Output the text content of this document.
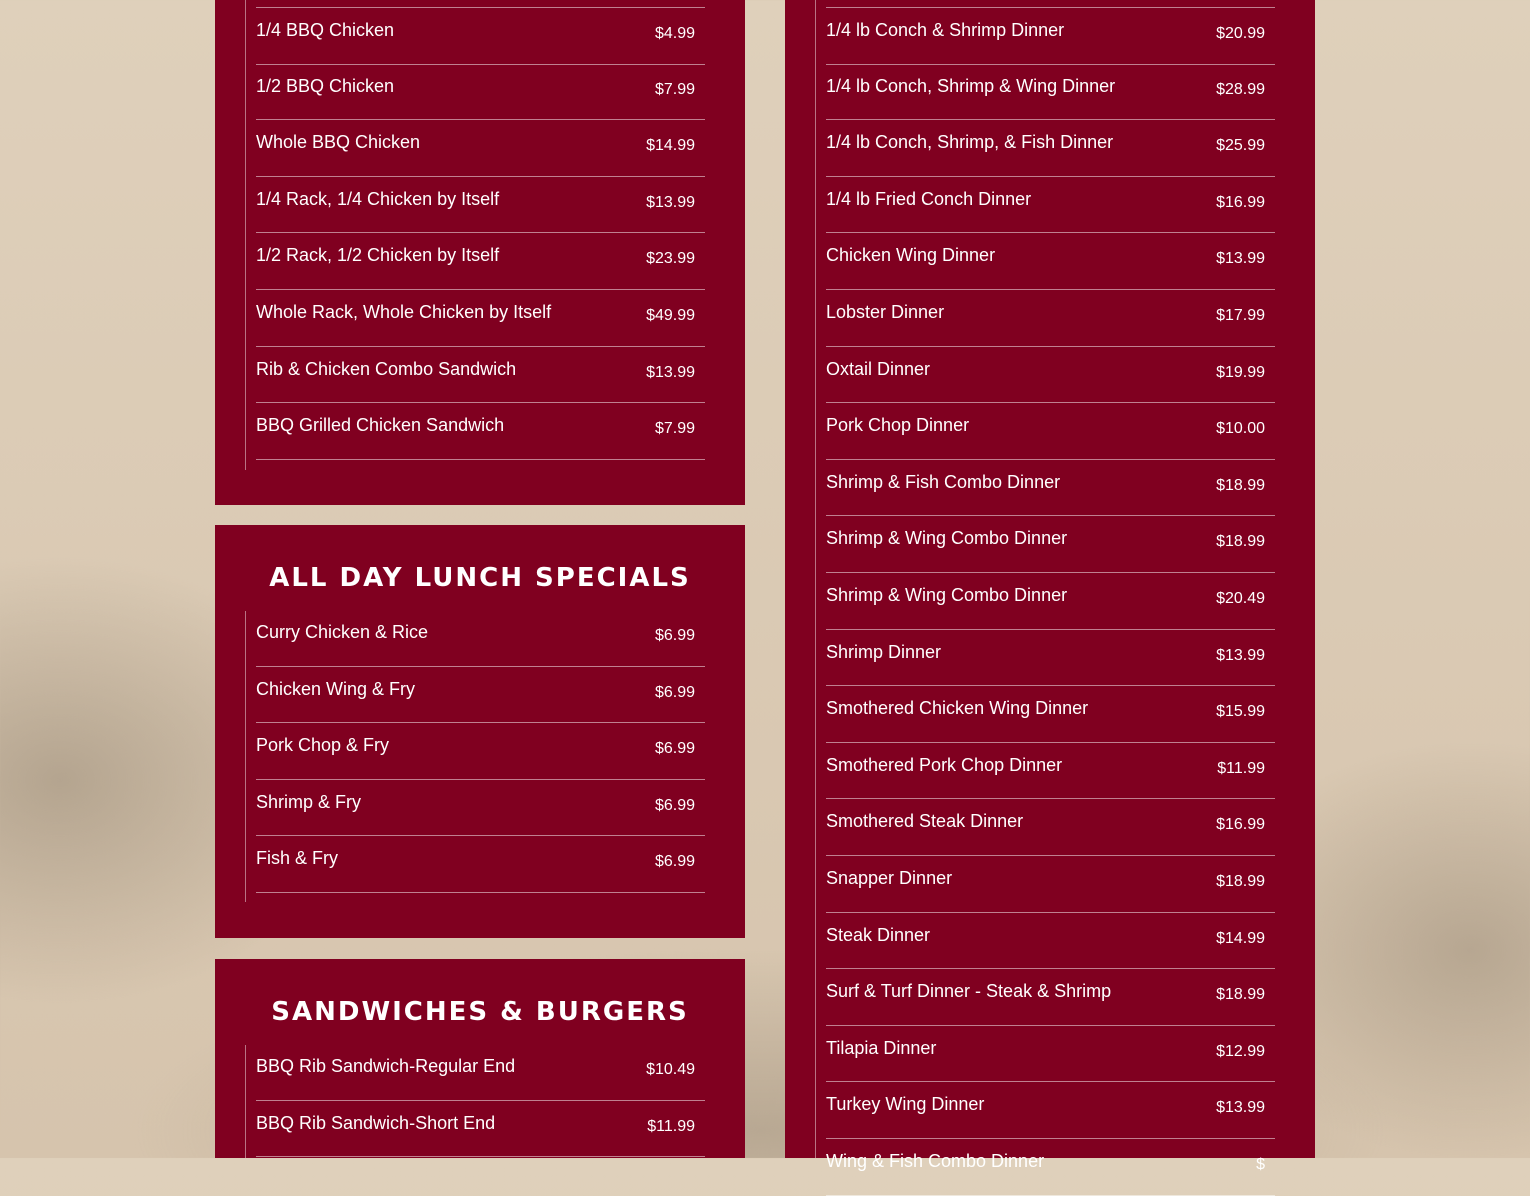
1/4 BBQ Chicken	$4.99
1/2 BBQ Chicken	$7.99
Whole BBQ Chicken	$14.99
1/4 Rack, 1/4 Chicken by Itself	$13.99
1/2 Rack, 1/2 Chicken by Itself	$23.99
Whole Rack, Whole Chicken by Itself	$49.99
Rib & Chicken Combo Sandwich	$13.99
BBQ Grilled Chicken Sandwich	$7.99
ALL DAY LUNCH SPECIALS
Curry Chicken & Rice	$6.99
Chicken Wing & Fry	$6.99
Pork Chop & Fry	$6.99
Shrimp & Fry	$6.99
Fish & Fry	$6.99
SANDWICHES & BURGERS
BBQ Rib Sandwich-Regular End	$10.49
BBQ Rib Sandwich-Short End	$11.99
1/4 lb Conch & Shrimp Dinner	$20.99
1/4 lb Conch, Shrimp & Wing Dinner	$28.99
1/4 lb Conch, Shrimp, & Fish Dinner	$25.99
1/4 lb Fried Conch Dinner	$16.99
Chicken Wing Dinner	$13.99
Lobster Dinner	$17.99
Oxtail Dinner	$19.99
Pork Chop Dinner	$10.00
Shrimp & Fish Combo Dinner	$18.99
Shrimp & Wing Combo Dinner	$18.99
Shrimp & Wing Combo Dinner	$20.49
Shrimp Dinner	$13.99
Smothered Chicken Wing Dinner	$15.99
Smothered Pork Chop Dinner	$11.99
Smothered Steak Dinner	$16.99
Snapper Dinner	$18.99
Steak Dinner	$14.99
Surf & Turf Dinner - Steak & Shrimp	$18.99
Tilapia Dinner	$12.99
Turkey Wing Dinner	$13.99
Wing & Fish Combo Dinner	$
